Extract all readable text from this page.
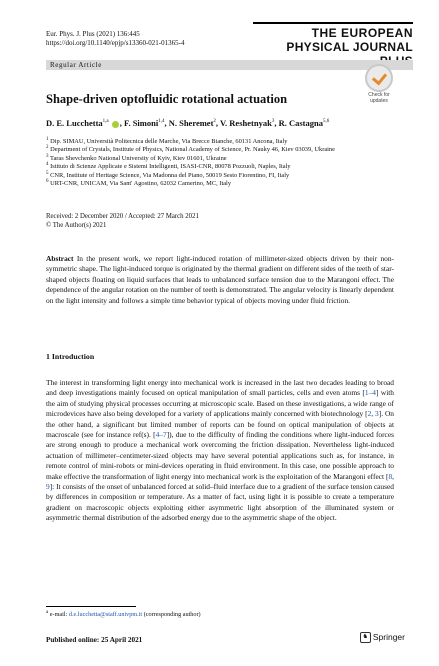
Eur. Phys. J. Plus (2021) 136:445
https://doi.org/10.1140/epjp/s13360-021-01365-4
THE EUROPEAN
PHYSICAL JOURNAL
Regular Article
Check for
updates
Shape-driven optofluidic rotational actuation
D. E. Lucchetta$^{1,a}$ , F. Simoni$^{1,4}$, N. Sheremet$^2$, V. Reshetnyak$^3$, R. Castagna$^{5,6}$
$^1$ Dip. SIMAU, Università Politecnica delle Marche, Via Brecce Bianche, 60131 Ancona, Italy
$^2$ Department of Crystals, Institute of Physics, National Academy of Science, Pr. Nauky 46, Kiev 03039, Ukraine
$^3$ Taras Shevchenko National University of Kyiv, Kiev 01601, Ukraine
$^4$ Istituto di Scienze Applicate e Sistemi Intelligenti, ISASI-CNR, 80078 Pozzuoli, Naples, Italy
$^5$ CNR, Institute of Heritage Science, Via Madonna del Piano, 50019 Sesto Fiorentino, FI, Italy
$^6$ URT-CNR, UNICAM, Via Sant' Agostino, 62032 Camerino, MC, Italy
Received: 2 December 2020 / Accepted: 27 March 2021
© The Author(s) 2021
Abstract In the present work, we report light-induced rotation of millimeter-sized objects driven by their non-symmetric shape. The light-induced torque is originated by the thermal gradient on different sides of the teeth of star-shaped objects floating on liquid surfaces that leads to unbalanced surface tension due to the Marangoni effect. The dependence of the angular rotation on the number of teeth is demonstrated. The angular velocity is linearly dependent on the light intensity and follows a simple time behavior typical of objects moving under fluid friction.
1 Introduction
The interest in transforming light energy into mechanical work is increased in the last two decades leading to broad and deep investigations mainly focused on optical manipulation of small particles, cells and even atoms [1–4] with the aim of studying physical processes occurring at microscopic scale. Based on these investigations, a wide range of microdevices have also being developed for a variety of applications mainly concerned with biotechnology [2, 3]. On the other hand, a significant but limited number of reports can be found on optical manipulation of objects at macroscale (see for instance ref(s). [4–7]), due to the difficulty of finding the conditions where light-induced forces are strong enough to produce a mechanical work overcoming the friction dissipation. Nevertheless light-induced actuation of millimeter–centimeter-sized objects may have several potential applications such as, for instance, in remote control of mini-robots or mini-devices operating in fluid environment. In this case, one possible approach to make effective the transformation of light energy into mechanical work is the exploitation of the Marangoni effect [8, 9]: It consists of the onset of unbalanced forced at solid–fluid interface due to a gradient of the surface tension caused by differences in composition or temperature. As a matter of fact, using light it is possible to create a temperature gradient on macroscopic objects exploiting either asymmetric light absorption of the illuminated system or asymmetric thermal distribution of the adsorbed energy due to the asymmetric shape of the object.
$^a$ e-mail: d.e.lucchetta@staff.univpm.it (corresponding author)
Published online: 25 April 2021	♞ Springer
